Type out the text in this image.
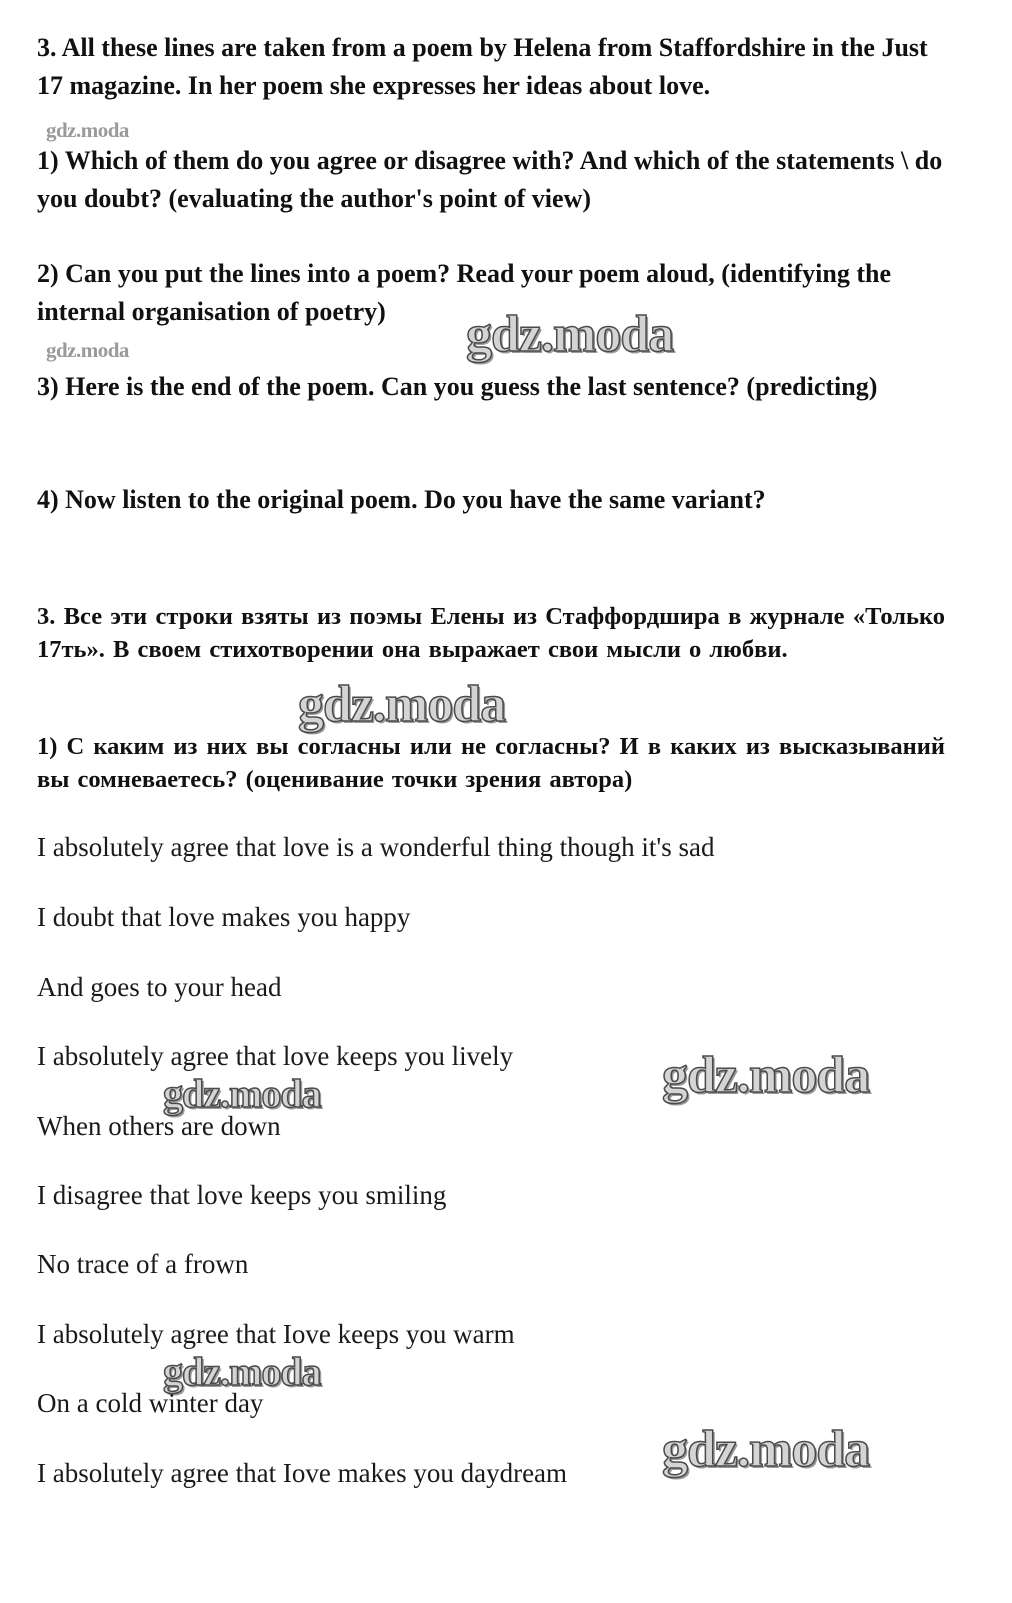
3. All these lines are taken from a poem by Helena from Staffordshire in the Just 17 magazine. In her poem she expresses her ideas about love.

gdz.moda

1) Which of them do you agree or disagree with? And which of the statements \ do you doubt? (evaluating the author's point of view)

2) Can you put the lines into a poem? Read your poem aloud, (identifying the internal organisation of poetry)	gdz.moda
gdz.moda

3) Here is the end of the poem. Can you guess the last sentence? (predicting)

4) Now listen to the original poem. Do you have the same variant?

3. Все эти строки взяты из поэмы Елены из Стаффордшира в журнале «Только 17ть». В своем стихотворении она выражает свои мысли о любви.

gdz.moda

1) С каким из них вы согласны или не согласны? И в каких из высказываний вы сомневаетесь? (оценивание точки зрения автора)

I absolutely agree that love is a wonderful thing though it's sad

I doubt that love makes you happy

And goes to your head

I absolutely agree that love keeps you lively	gdz.moda
gdz.moda

When others are down

I disagree that love keeps you smiling

No trace of a frown

I absolutely agree that Iove keeps you warm

gdz.moda

On a cold winter day

gdz.moda

I absolutely agree that Iove makes you daydream
